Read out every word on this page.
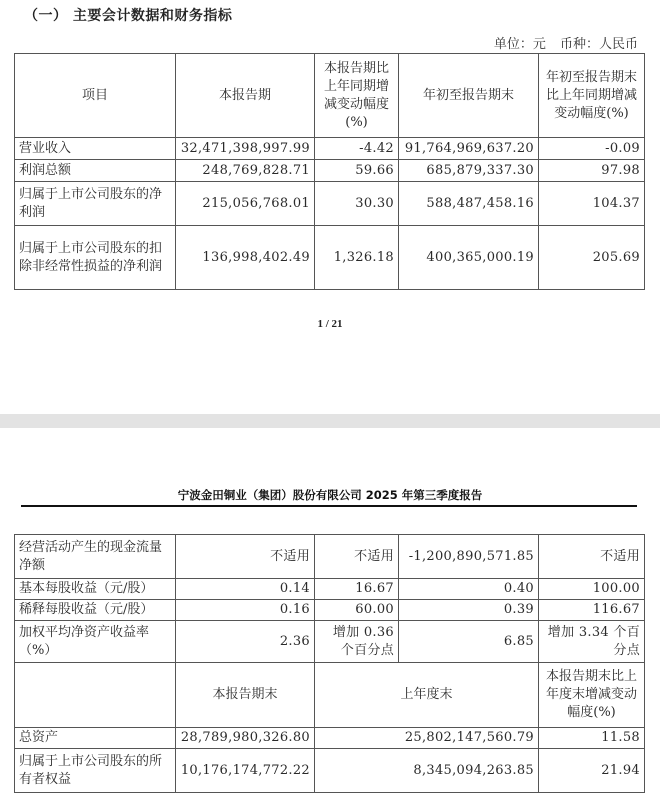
（一） 主要会计数据和财务指标
单位：元 币种：人民币
项目	本报告期	本报告期比上年同期增减变动幅度(%)	年初至报告期末	年初至报告期末比上年同期增减变动幅度(%)
营业收入	32,471,398,997.99	-4.42	91,764,969,637.20	-0.09
利润总额	248,769,828.71	59.66	685,879,337.30	97.98
归属于上市公司股东的净利润	215,056,768.01	30.30	588,487,458.16	104.37
归属于上市公司股东的扣除非经常性损益的净利润	136,998,402.49	1,326.18	400,365,000.19	205.69
1 / 21
宁波金田铜业（集团）股份有限公司 2025 年第三季度报告
经营活动产生的现金流量净额	不适用	不适用	-1,200,890,571.85	不适用
基本每股收益（元/股）	0.14	16.67	0.40	100.00
稀释每股收益（元/股）	0.16	60.00	0.39	116.67
加权平均净资产收益率（%）	2.36	增加 0.36 个百分点	6.85	增加 3.34 个百分点
	本报告期末	上年度末		本报告期末比上年度末增减变动幅度(%)
总资产	28,789,980,326.80	25,802,147,560.79		11.58
归属于上市公司股东的所有者权益	10,176,174,772.22	8,345,094,263.85		21.94
